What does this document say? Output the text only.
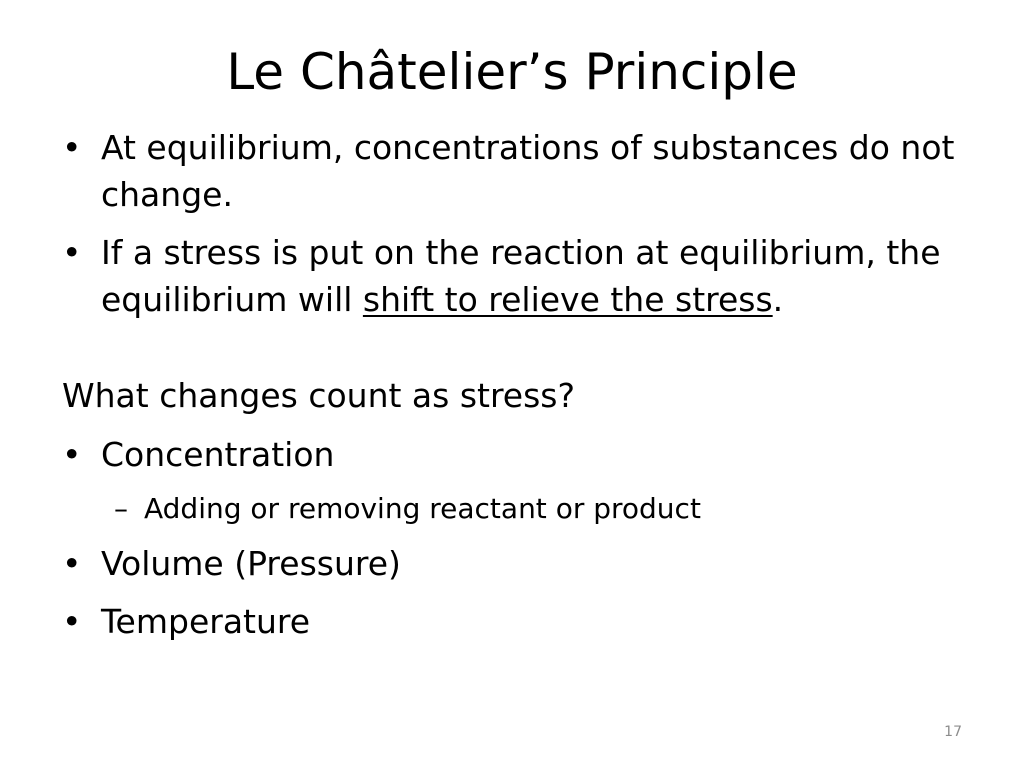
Le Châtelier’s Principle
• At equilibrium, concentrations of substances do not change.
• If a stress is put on the reaction at equilibrium, the equilibrium will shift to relieve the stress.
What changes count as stress?
• Concentration
– Adding or removing reactant or product
• Volume (Pressure)
• Temperature
17
